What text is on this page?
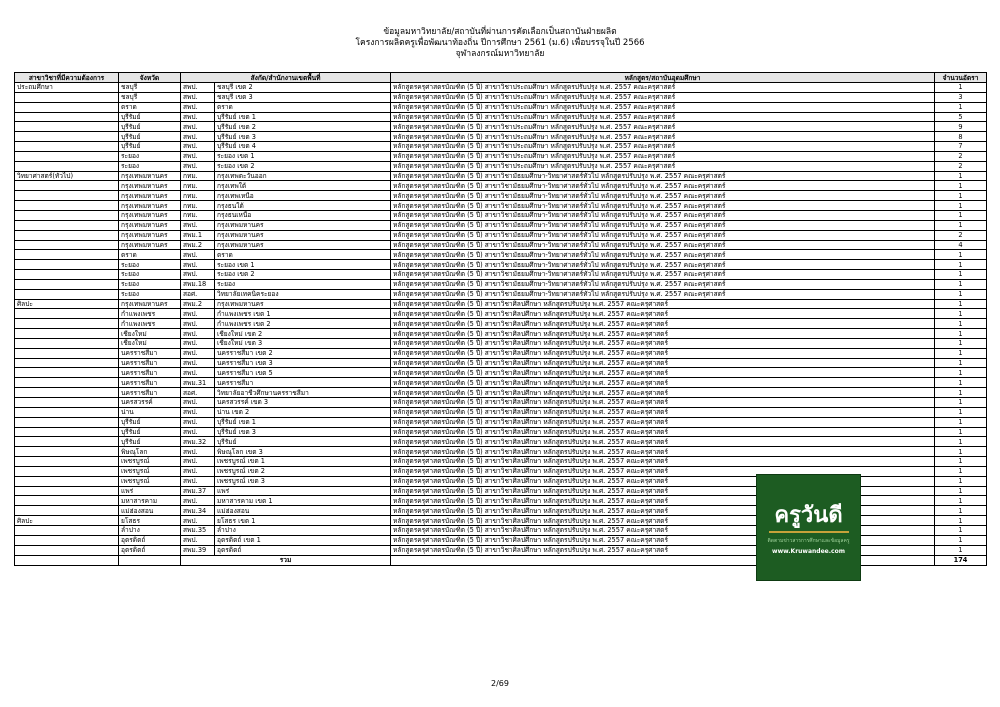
ข้อมูลมหาวิทยาลัย/สถาบันที่ผ่านการคัดเลือกเป็นสถาบันฝ่ายผลิต
โครงการผลิตครูเพื่อพัฒนาท้องถิ่น ปีการศึกษา 2561 (ม.6) เพื่อบรรจุในปี 2566
จุฬาลงกรณ์มหาวิทยาลัย
สาขาวิชาที่มีความต้องการ	จังหวัด	สังกัด/สำนักงานเขตพื้นที่		หลักสูตร/สถาบันอุดมศึกษา	จำนวนอัตรา
ประถมศึกษา	ชลบุรี	สพป.	ชลบุรี เขต 2	หลักสูตรครุศาสตรบัณฑิต (5 ปี) สาขาวิชาประถมศึกษา หลักสูตรปรับปรุง พ.ศ. 2557 คณะครุศาสตร์	1
	ชลบุรี	สพป.	ชลบุรี เขต 3	หลักสูตรครุศาสตรบัณฑิต (5 ปี) สาขาวิชาประถมศึกษา หลักสูตรปรับปรุง พ.ศ. 2557 คณะครุศาสตร์	3
	ตราด	สพป.	ตราด	หลักสูตรครุศาสตรบัณฑิต (5 ปี) สาขาวิชาประถมศึกษา หลักสูตรปรับปรุง พ.ศ. 2557 คณะครุศาสตร์	1
	บุรีรัมย์	สพป.	บุรีรัมย์ เขต 1	หลักสูตรครุศาสตรบัณฑิต (5 ปี) สาขาวิชาประถมศึกษา หลักสูตรปรับปรุง พ.ศ. 2557 คณะครุศาสตร์	5
	บุรีรัมย์	สพป.	บุรีรัมย์ เขต 2	หลักสูตรครุศาสตรบัณฑิต (5 ปี) สาขาวิชาประถมศึกษา หลักสูตรปรับปรุง พ.ศ. 2557 คณะครุศาสตร์	9
	บุรีรัมย์	สพป.	บุรีรัมย์ เขต 3	หลักสูตรครุศาสตรบัณฑิต (5 ปี) สาขาวิชาประถมศึกษา หลักสูตรปรับปรุง พ.ศ. 2557 คณะครุศาสตร์	8
	บุรีรัมย์	สพป.	บุรีรัมย์ เขต 4	หลักสูตรครุศาสตรบัณฑิต (5 ปี) สาขาวิชาประถมศึกษา หลักสูตรปรับปรุง พ.ศ. 2557 คณะครุศาสตร์	7
	ระยอง	สพป.	ระยอง เขต 1	หลักสูตรครุศาสตรบัณฑิต (5 ปี) สาขาวิชาประถมศึกษา หลักสูตรปรับปรุง พ.ศ. 2557 คณะครุศาสตร์	2
	ระยอง	สพป.	ระยอง เขต 2	หลักสูตรครุศาสตรบัณฑิต (5 ปี) สาขาวิชาประถมศึกษา หลักสูตรปรับปรุง พ.ศ. 2557 คณะครุศาสตร์	2
วิทยาศาสตร์(ทั่วไป)	กรุงเทพมหานคร	กทม.	กรุงเทพตะวันออก	หลักสูตรครุศาสตรบัณฑิต (5 ปี) สาขาวิชามัธยมศึกษา-วิทยาศาสตร์ทั่วไป หลักสูตรปรับปรุง พ.ศ. 2557 คณะครุศาสตร์	1
	กรุงเทพมหานคร	กทม.	กรุงเทพใต้	หลักสูตรครุศาสตรบัณฑิต (5 ปี) สาขาวิชามัธยมศึกษา-วิทยาศาสตร์ทั่วไป หลักสูตรปรับปรุง พ.ศ. 2557 คณะครุศาสตร์	1
	กรุงเทพมหานคร	กทม.	กรุงเทพเหนือ	หลักสูตรครุศาสตรบัณฑิต (5 ปี) สาขาวิชามัธยมศึกษา-วิทยาศาสตร์ทั่วไป หลักสูตรปรับปรุง พ.ศ. 2557 คณะครุศาสตร์	1
	กรุงเทพมหานคร	กทม.	กรุงธนใต้	หลักสูตรครุศาสตรบัณฑิต (5 ปี) สาขาวิชามัธยมศึกษา-วิทยาศาสตร์ทั่วไป หลักสูตรปรับปรุง พ.ศ. 2557 คณะครุศาสตร์	1
	กรุงเทพมหานคร	กทม.	กรุงธนเหนือ	หลักสูตรครุศาสตรบัณฑิต (5 ปี) สาขาวิชามัธยมศึกษา-วิทยาศาสตร์ทั่วไป หลักสูตรปรับปรุง พ.ศ. 2557 คณะครุศาสตร์	1
	กรุงเทพมหานคร	สพป.	กรุงเทพมหานคร	หลักสูตรครุศาสตรบัณฑิต (5 ปี) สาขาวิชามัธยมศึกษา-วิทยาศาสตร์ทั่วไป หลักสูตรปรับปรุง พ.ศ. 2557 คณะครุศาสตร์	1
	กรุงเทพมหานคร	สพม.1	กรุงเทพมหานคร	หลักสูตรครุศาสตรบัณฑิต (5 ปี) สาขาวิชามัธยมศึกษา-วิทยาศาสตร์ทั่วไป หลักสูตรปรับปรุง พ.ศ. 2557 คณะครุศาสตร์	2
	กรุงเทพมหานคร	สพม.2	กรุงเทพมหานคร	หลักสูตรครุศาสตรบัณฑิต (5 ปี) สาขาวิชามัธยมศึกษา-วิทยาศาสตร์ทั่วไป หลักสูตรปรับปรุง พ.ศ. 2557 คณะครุศาสตร์	4
	ตราด	สพป.	ตราด	หลักสูตรครุศาสตรบัณฑิต (5 ปี) สาขาวิชามัธยมศึกษา-วิทยาศาสตร์ทั่วไป หลักสูตรปรับปรุง พ.ศ. 2557 คณะครุศาสตร์	1
	ระยอง	สพป.	ระยอง เขต 1	หลักสูตรครุศาสตรบัณฑิต (5 ปี) สาขาวิชามัธยมศึกษา-วิทยาศาสตร์ทั่วไป หลักสูตรปรับปรุง พ.ศ. 2557 คณะครุศาสตร์	1
	ระยอง	สพป.	ระยอง เขต 2	หลักสูตรครุศาสตรบัณฑิต (5 ปี) สาขาวิชามัธยมศึกษา-วิทยาศาสตร์ทั่วไป หลักสูตรปรับปรุง พ.ศ. 2557 คณะครุศาสตร์	1
	ระยอง	สพม.18	ระยอง	หลักสูตรครุศาสตรบัณฑิต (5 ปี) สาขาวิชามัธยมศึกษา-วิทยาศาสตร์ทั่วไป หลักสูตรปรับปรุง พ.ศ. 2557 คณะครุศาสตร์	1
	ระยอง	สอศ.	วิทยาลัยเทคนิคระยอง	หลักสูตรครุศาสตรบัณฑิต (5 ปี) สาขาวิชามัธยมศึกษา-วิทยาศาสตร์ทั่วไป หลักสูตรปรับปรุง พ.ศ. 2557 คณะครุศาสตร์	1
ศิลปะ	กรุงเทพมหานคร	สพม.2	กรุงเทพมหานคร	หลักสูตรครุศาสตรบัณฑิต (5 ปี) สาขาวิชาศิลปศึกษา หลักสูตรปรับปรุง พ.ศ. 2557 คณะครุศาสตร์	1
	กำแพงเพชร	สพป.	กำแพงเพชร เขต 1	หลักสูตรครุศาสตรบัณฑิต (5 ปี) สาขาวิชาศิลปศึกษา หลักสูตรปรับปรุง พ.ศ. 2557 คณะครุศาสตร์	1
	กำแพงเพชร	สพป.	กำแพงเพชร เขต 2	หลักสูตรครุศาสตรบัณฑิต (5 ปี) สาขาวิชาศิลปศึกษา หลักสูตรปรับปรุง พ.ศ. 2557 คณะครุศาสตร์	1
	เชียงใหม่	สพป.	เชียงใหม่ เขต 2	หลักสูตรครุศาสตรบัณฑิต (5 ปี) สาขาวิชาศิลปศึกษา หลักสูตรปรับปรุง พ.ศ. 2557 คณะครุศาสตร์	1
	เชียงใหม่	สพป.	เชียงใหม่ เขต 3	หลักสูตรครุศาสตรบัณฑิต (5 ปี) สาขาวิชาศิลปศึกษา หลักสูตรปรับปรุง พ.ศ. 2557 คณะครุศาสตร์	1
	นครราชสีมา	สพป.	นครราชสีมา เขต 2	หลักสูตรครุศาสตรบัณฑิต (5 ปี) สาขาวิชาศิลปศึกษา หลักสูตรปรับปรุง พ.ศ. 2557 คณะครุศาสตร์	1
	นครราชสีมา	สพป.	นครราชสีมา เขต 3	หลักสูตรครุศาสตรบัณฑิต (5 ปี) สาขาวิชาศิลปศึกษา หลักสูตรปรับปรุง พ.ศ. 2557 คณะครุศาสตร์	1
	นครราชสีมา	สพป.	นครราชสีมา เขต 5	หลักสูตรครุศาสตรบัณฑิต (5 ปี) สาขาวิชาศิลปศึกษา หลักสูตรปรับปรุง พ.ศ. 2557 คณะครุศาสตร์	1
	นครราชสีมา	สพม.31	นครราชสีมา	หลักสูตรครุศาสตรบัณฑิต (5 ปี) สาขาวิชาศิลปศึกษา หลักสูตรปรับปรุง พ.ศ. 2557 คณะครุศาสตร์	1
	นครราชสีมา	สอศ.	วิทยาลัยอาชีวศึกษานครราชสีมา	หลักสูตรครุศาสตรบัณฑิต (5 ปี) สาขาวิชาศิลปศึกษา หลักสูตรปรับปรุง พ.ศ. 2557 คณะครุศาสตร์	1
	นครสวรรค์	สพป.	นครสวรรค์ เขต 3	หลักสูตรครุศาสตรบัณฑิต (5 ปี) สาขาวิชาศิลปศึกษา หลักสูตรปรับปรุง พ.ศ. 2557 คณะครุศาสตร์	1
	น่าน	สพป.	น่าน เขต 2	หลักสูตรครุศาสตรบัณฑิต (5 ปี) สาขาวิชาศิลปศึกษา หลักสูตรปรับปรุง พ.ศ. 2557 คณะครุศาสตร์	1
	บุรีรัมย์	สพป.	บุรีรัมย์ เขต 1	หลักสูตรครุศาสตรบัณฑิต (5 ปี) สาขาวิชาศิลปศึกษา หลักสูตรปรับปรุง พ.ศ. 2557 คณะครุศาสตร์	1
	บุรีรัมย์	สพป.	บุรีรัมย์ เขต 3	หลักสูตรครุศาสตรบัณฑิต (5 ปี) สาขาวิชาศิลปศึกษา หลักสูตรปรับปรุง พ.ศ. 2557 คณะครุศาสตร์	1
	บุรีรัมย์	สพม.32	บุรีรัมย์	หลักสูตรครุศาสตรบัณฑิต (5 ปี) สาขาวิชาศิลปศึกษา หลักสูตรปรับปรุง พ.ศ. 2557 คณะครุศาสตร์	1
	พิษณุโลก	สพป.	พิษณุโลก เขต 3	หลักสูตรครุศาสตรบัณฑิต (5 ปี) สาขาวิชาศิลปศึกษา หลักสูตรปรับปรุง พ.ศ. 2557 คณะครุศาสตร์	1
	เพชรบูรณ์	สพป.	เพชรบูรณ์ เขต 1	หลักสูตรครุศาสตรบัณฑิต (5 ปี) สาขาวิชาศิลปศึกษา หลักสูตรปรับปรุง พ.ศ. 2557 คณะครุศาสตร์	1
	เพชรบูรณ์	สพป.	เพชรบูรณ์ เขต 2	หลักสูตรครุศาสตรบัณฑิต (5 ปี) สาขาวิชาศิลปศึกษา หลักสูตรปรับปรุง พ.ศ. 2557 คณะครุศาสตร์	1
	เพชรบูรณ์	สพป.	เพชรบูรณ์ เขต 3	หลักสูตรครุศาสตรบัณฑิต (5 ปี) สาขาวิชาศิลปศึกษา หลักสูตรปรับปรุง พ.ศ. 2557 คณะครุศาสตร์	1
	แพร่	สพม.37	แพร่	หลักสูตรครุศาสตรบัณฑิต (5 ปี) สาขาวิชาศิลปศึกษา หลักสูตรปรับปรุง พ.ศ. 2557 คณะครุศาสตร์	1
	มหาสารคาม	สพป.	มหาสารคาม เขต 1	หลักสูตรครุศาสตรบัณฑิต (5 ปี) สาขาวิชาศิลปศึกษา หลักสูตรปรับปรุง พ.ศ. 2557 คณะครุศาสตร์	1
	แม่ฮ่องสอน	สพม.34	แม่ฮ่องสอน	หลักสูตรครุศาสตรบัณฑิต (5 ปี) สาขาวิชาศิลปศึกษา หลักสูตรปรับปรุง พ.ศ. 2557 คณะครุศาสตร์	1
ศิลปะ	ยโสธร	สพป.	ยโสธร เขต 1	หลักสูตรครุศาสตรบัณฑิต (5 ปี) สาขาวิชาศิลปศึกษา หลักสูตรปรับปรุง พ.ศ. 2557 คณะครุศาสตร์	1
	ลำปาง	สพม.35	ลำปาง	หลักสูตรครุศาสตรบัณฑิต (5 ปี) สาขาวิชาศิลปศึกษา หลักสูตรปรับปรุง พ.ศ. 2557 คณะครุศาสตร์	1
	อุตรดิตถ์	สพป.	อุตรดิตถ์ เขต 1	หลักสูตรครุศาสตรบัณฑิต (5 ปี) สาขาวิชาศิลปศึกษา หลักสูตรปรับปรุง พ.ศ. 2557 คณะครุศาสตร์	1
	อุตรดิตถ์	สพม.39	อุตรดิตถ์	หลักสูตรครุศาสตรบัณฑิต (5 ปี) สาขาวิชาศิลปศึกษา หลักสูตรปรับปรุง พ.ศ. 2557 คณะครุศาสตร์	1
		รวม			174
ครูวันดี
ติดตามข่าวสารการศึกษาและข้อมูลครู
www.Kruwandee.com
2/69
